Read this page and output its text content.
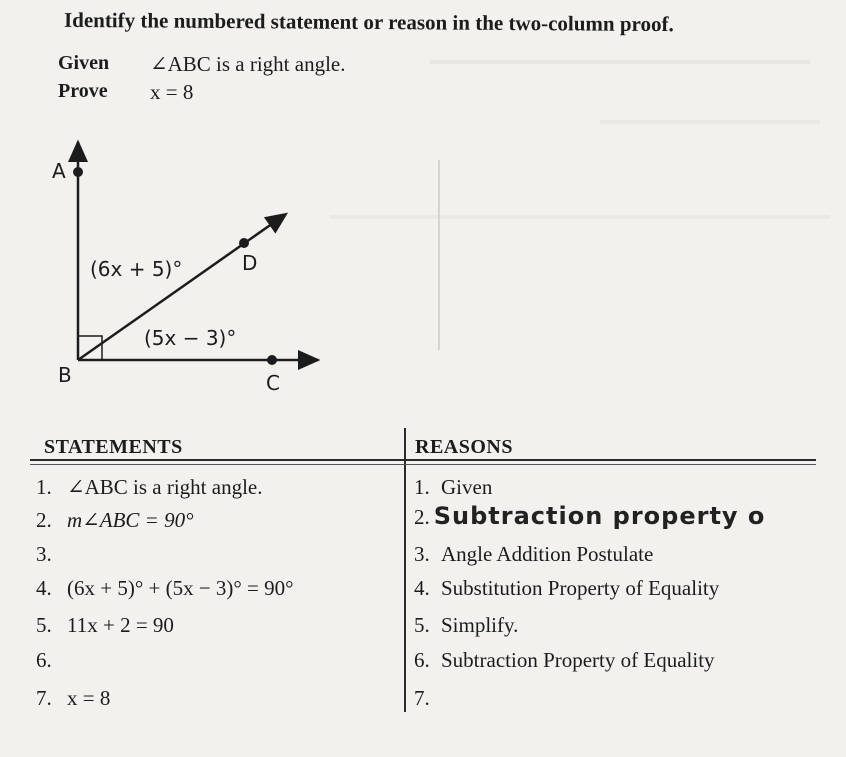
Identify the numbered statement or reason in the two-column proof.
Given ∠ABC is a right angle.
Prove x = 8
A
D
B	C
(6x + 5)°
(5x − 3)°
STATEMENTS	REASONS
1. ∠ABC is a right angle.	1. Given
2. m∠ABC = 90°	2. Subtraction property o
3.	3. Angle Addition Postulate
4. (6x + 5)° + (5x − 3)° = 90°	4. Substitution Property of Equality
5. 11x + 2 = 90	5. Simplify.
6.	6. Subtraction Property of Equality
7. x = 8	7.
